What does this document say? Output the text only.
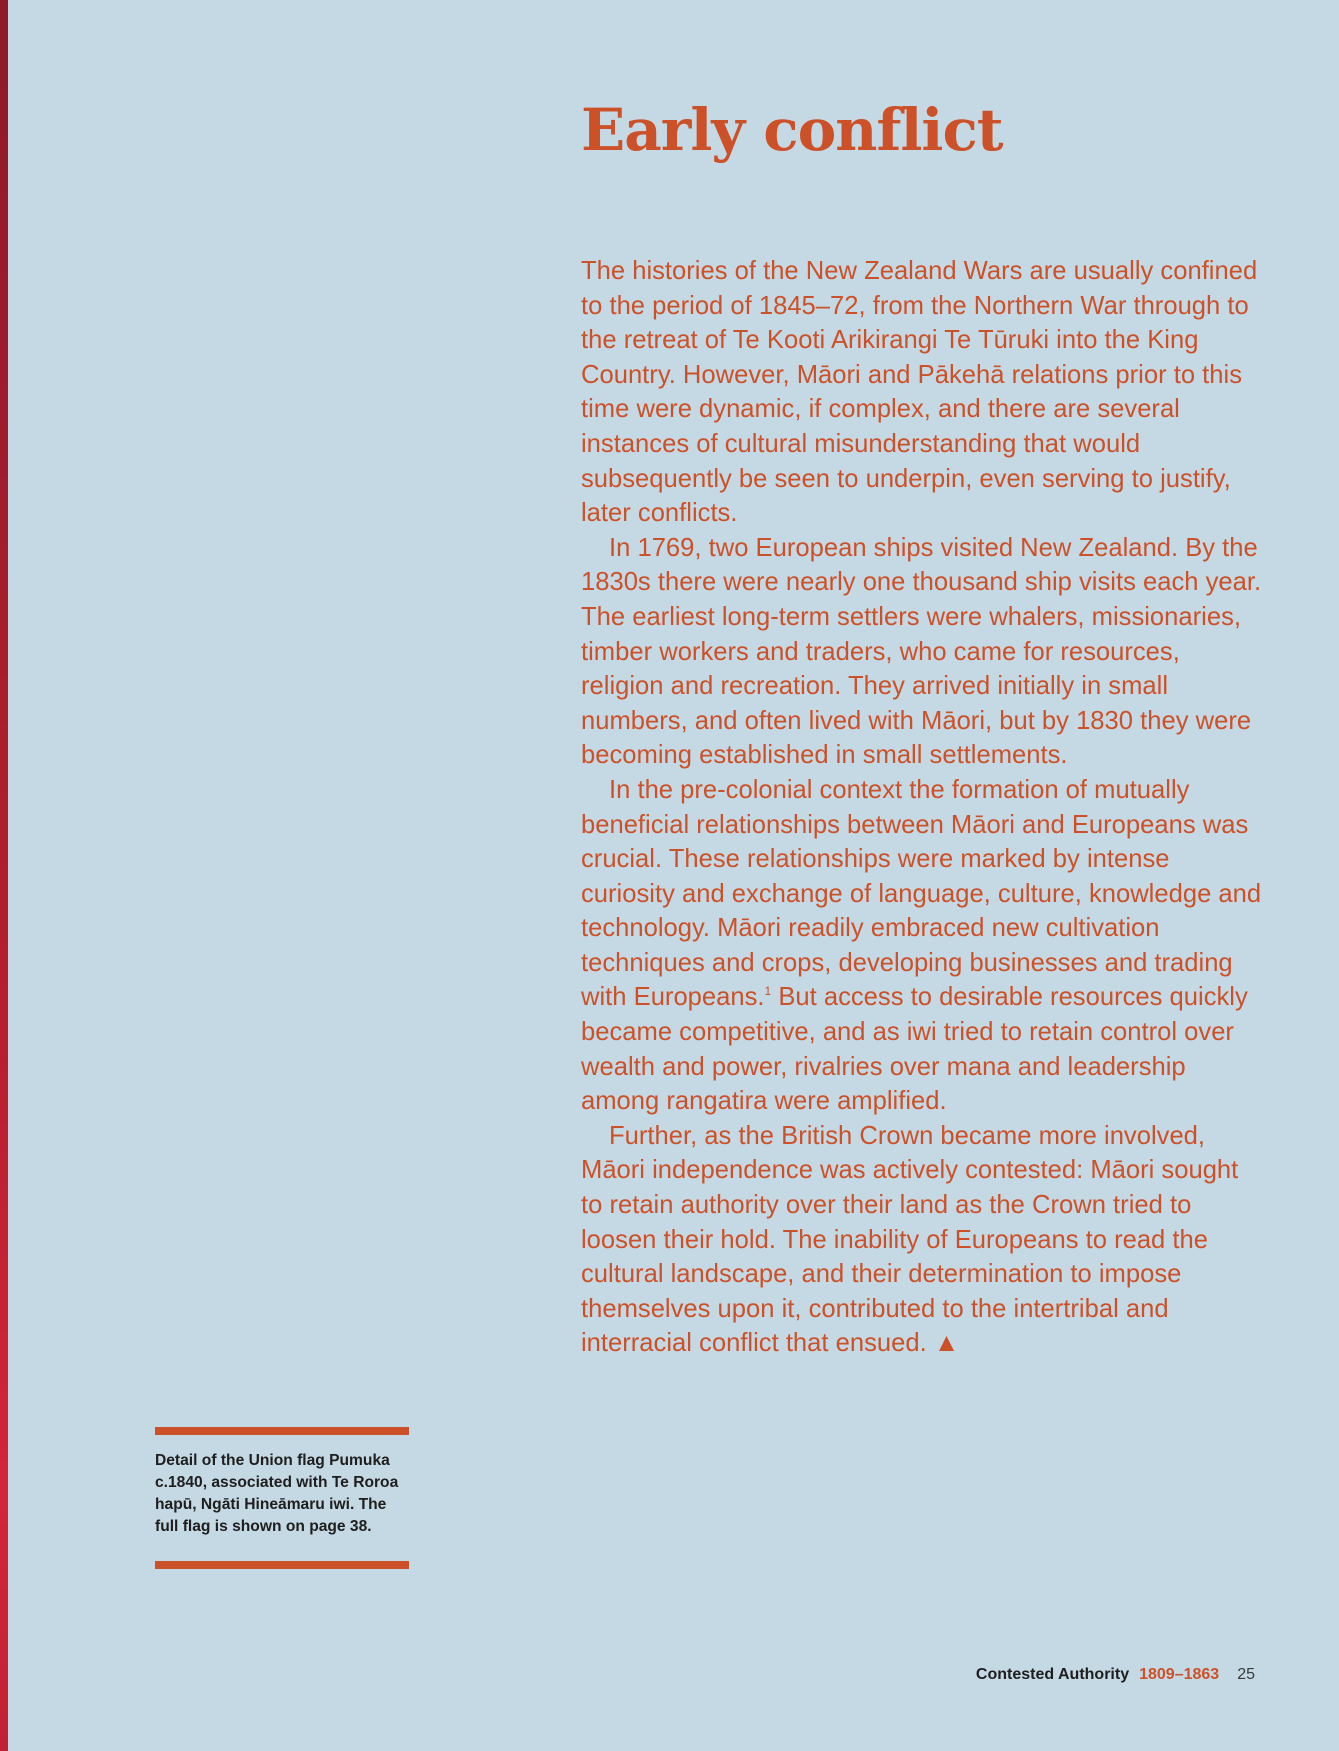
Early conflict

The histories of the New Zealand Wars are usually confined to the period of 1845–72, from the Northern War through to the retreat of Te Kooti Arikirangi Te Tūruki into the King Country. However, Māori and Pākehā relations prior to this time were dynamic, if complex, and there are several instances of cultural misunderstanding that would subsequently be seen to underpin, even serving to justify, later conflicts.

In 1769, two European ships visited New Zealand. By the 1830s there were nearly one thousand ship visits each year. The earliest long-term settlers were whalers, missionaries, timber workers and traders, who came for resources, religion and recreation. They arrived initially in small numbers, and often lived with Māori, but by 1830 they were becoming established in small settlements.

In the pre-colonial context the formation of mutually beneficial relationships between Māori and Europeans was crucial. These relationships were marked by intense curiosity and exchange of language, culture, knowledge and technology. Māori readily embraced new cultivation techniques and crops, developing businesses and trading with Europeans.$^1$ But access to desirable resources quickly became competitive, and as iwi tried to retain control over wealth and power, rivalries over mana and leadership among rangatira were amplified.

Further, as the British Crown became more involved, Māori independence was actively contested: Māori sought to retain authority over their land as the Crown tried to loosen their hold. The inability of Europeans to read the cultural landscape, and their determination to impose themselves upon it, contributed to the intertribal and interracial conflict that ensued. ▲

Detail of the Union flag Pumuka c.1840, associated with Te Roroa hapū, Ngāti Hineāmaru iwi. The full flag is shown on page 38.

Contested Authority 1809–1863 25
